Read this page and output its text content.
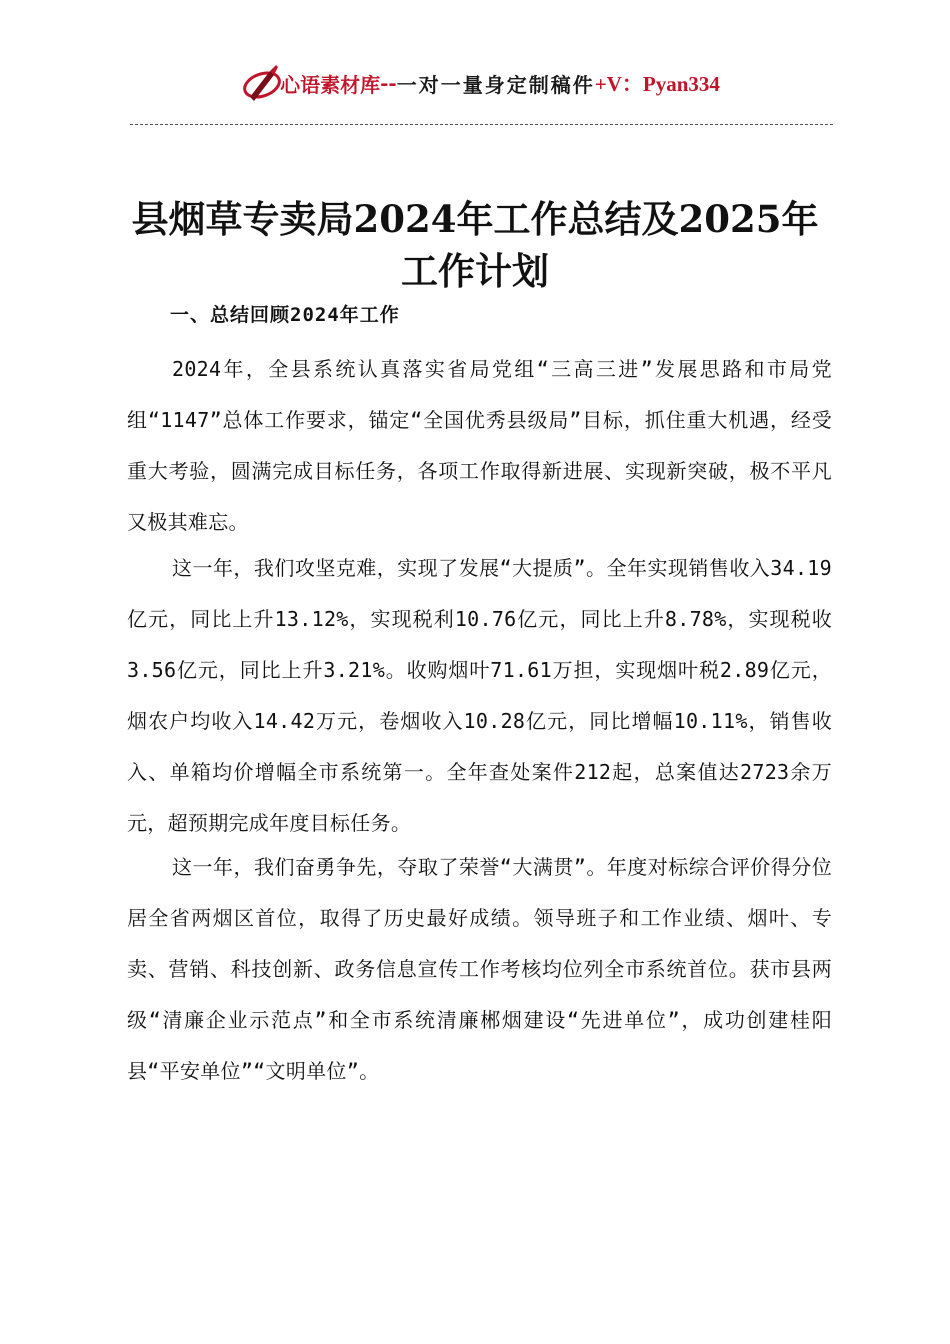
心语素材库 -- 一对一量身定制稿件 +V：Pyan334
县烟草专卖局2024年工作总结及2025年工作计划
一、总结回顾2024年工作

2024年，全县系统认真落实省局党组“三高三进”发展思路和市局党组“1147”总体工作要求，锚定“全国优秀县级局”目标，抓住重大机遇，经受重大考验，圆满完成目标任务，各项工作取得新进展、实现新突破，极不平凡又极其难忘。

这一年，我们攻坚克难，实现了发展“大提质”。全年实现销售收入34.19亿元，同比上升13.12%，实现税利10.76亿元，同比上升8.78%，实现税收3.56亿元，同比上升3.21%。收购烟叶71.61万担，实现烟叶税2.89亿元，烟农户均收入14.42万元，卷烟收入10.28亿元，同比增幅10.11%，销售收入、单箱均价增幅全市系统第一。全年查处案件212起，总案值达2723余万元，超预期完成年度目标任务。

这一年，我们奋勇争先，夺取了荣誉“大满贯”。年度对标综合评价得分位居全省两烟区首位，取得了历史最好成绩。领导班子和工作业绩、烟叶、专卖、营销、科技创新、政务信息宣传工作考核均位列全市系统首位。获市县两级“清廉企业示范点”和全市系统清廉郴烟建设“先进单位”，成功创建桂阳县“平安单位”“文明单位”。
